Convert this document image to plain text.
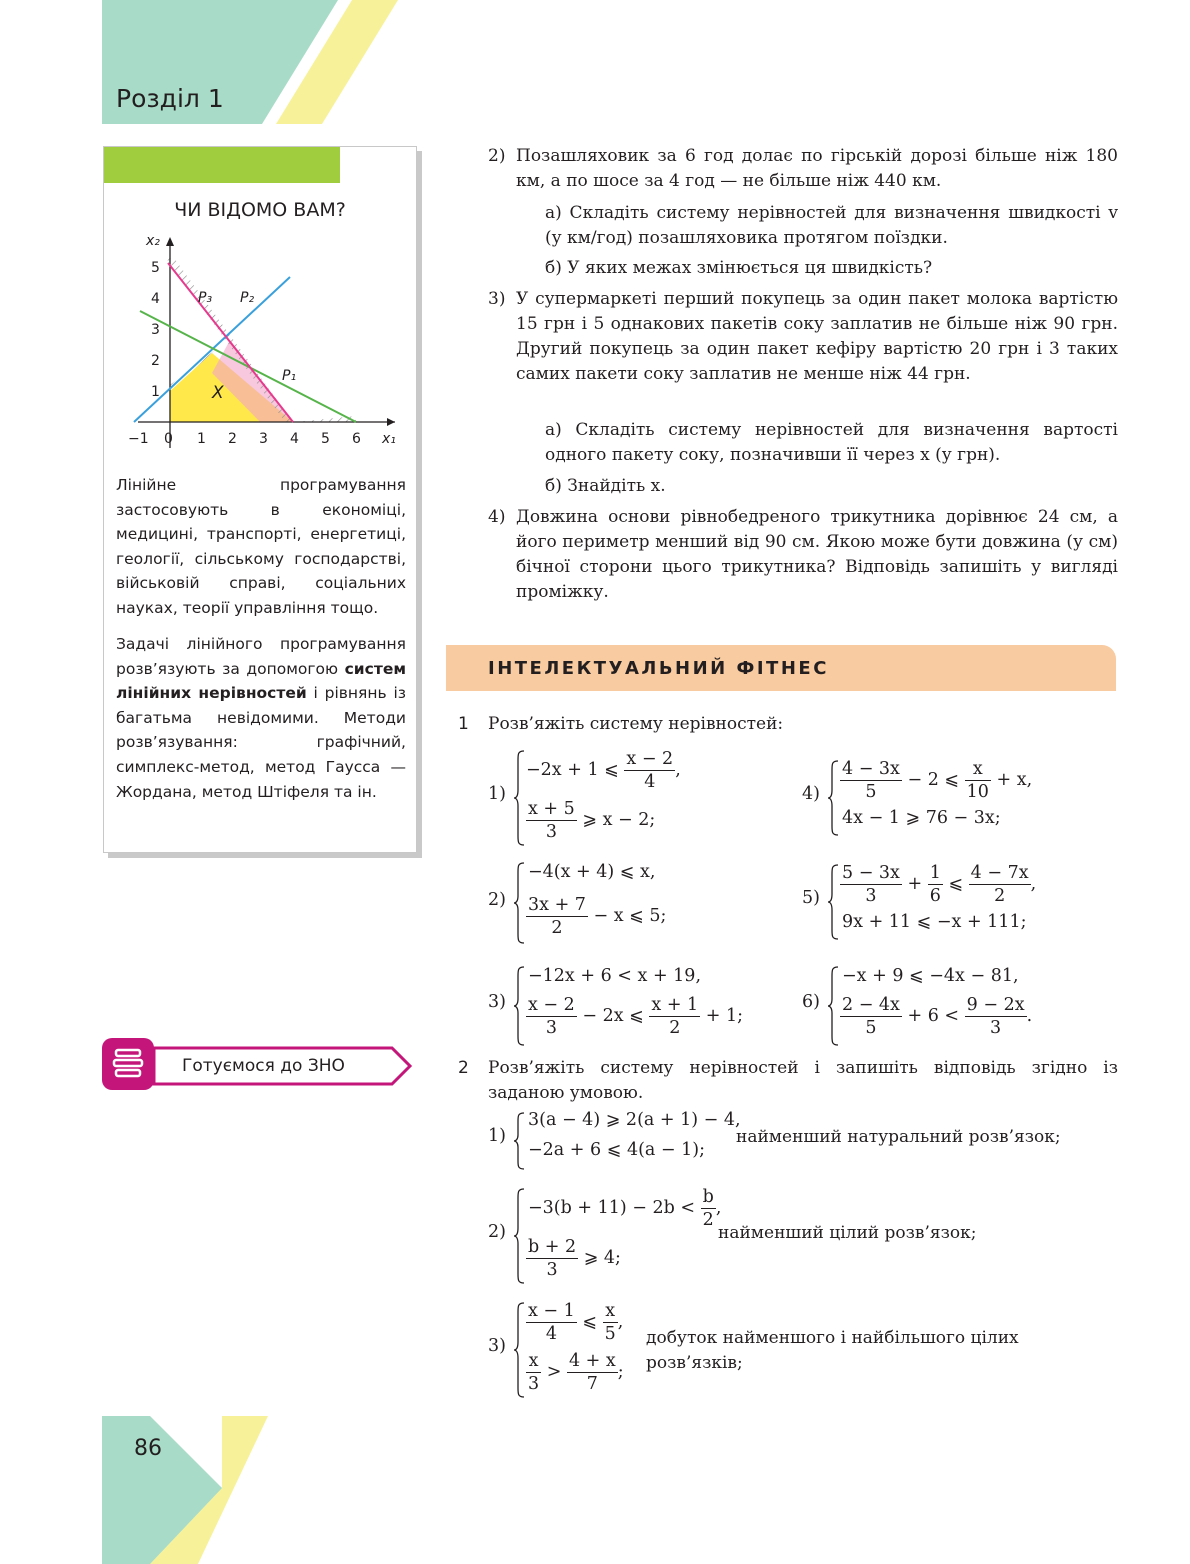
Розділ 1
ЧИ ВІДОМО ВАМ?
−1 0 1 2 3 4 5 6
1
2
3
4
5
x₂
x₁
X
P₁
P₂
P₃
Лінійне програмування застосовують в економіці, медицині, транспорті, енергетиці, геології, сільському господарстві, військовій справі, соціальних науках, теорії управління тощо.
Задачі лінійного програмування розв’язують за допомогою систем лінійних нерівностей і рівнянь із багатьма невідомими. Методи розв’язування: графічний, симплекс-метод, метод Гаусса — Жордана, метод Штіфеля та ін.
Готуємося до ЗНО
2) Позашляховик за 6 год долає по гірській дорозі більше ніж 180 км, а по шосе за 4 год — не більше ніж 440 км.
а) Складіть систему нерівностей для визначення швидкості v (у км/год) позашляховика протягом поїздки.
б) У яких межах змінюється ця швидкість?
3) У супермаркеті перший покупець за один пакет молока вартістю 15 грн і 5 однакових пакетів соку заплатив не більше ніж 90 грн. Другий покупець за один пакет кефіру вартістю 20 грн і 3 таких самих пакети соку заплатив не менше ніж 44 грн.
а) Складіть систему нерівностей для визначення вартості одного пакету соку, позначивши її через x (у грн).
б) Знайдіть x.
4) Довжина основи рівнобедреного трикутника дорівнює 24 см, а його периметр менший від 90 см. Якою може бути довжина (у см) бічної сторони цього трикутника? Відповідь запишіть у вигляді проміжку.
ІНТЕЛЕКТУАЛЬНИЙ ФІТНЕС
1 Розв’яжіть систему нерівностей:
1)
−2x + 1 ⩽ $\frac{x - 2}{4}$ ,
$\frac{x + 5}{3}$ ⩾ x − 2;
$4) \frac{4 - 3x}{5} - 2$ ⩽ $\frac{x}{10} + x$,
4x − 1 ⩾ 76 − 3x;
2)
−4(x + 4) ⩽ x,
$\frac{3x + 7}{2} - x$ ⩽ 5;
$5) \frac{5 - 3x}{3} + \frac{1}{6}$ ⩽ $\frac{4 - 7x}{2}$ ,
9x + 11 ⩽ −x + 111;
3)
−12x + 6 < x + 19,
$\frac{x - 2}{3} - 2x$ ⩽ $\frac{x + 1}{2} + 1$;
6)
−x + 9 ⩽ −4x − 81,
$\frac{2 - 4x}{5} + 6 < \frac{9 - 2x}{3}$ .
2 Розв’яжіть систему нерівностей і запишіть відповідь згідно із заданою умовою.
1)
3(a − 4) ⩾ 2(a + 1) − 4,
−2a + 6 ⩽ 4(a − 1);
найменший натуральний розв’язок;
2)
$-3(b + 11) - 2b < \frac{b}{2}$ ,
$\frac{b + 2}{3}$ ⩾ 4;
найменший цілий розв’язок;
3)
$\frac{x - 1}{4}$ ⩽ $\frac{x}{5}$ ,
$\frac{x}{3} > \frac{4 + x}{7}$ ;
добуток найменшого і найбільшого цілих
розв’язків;
86
